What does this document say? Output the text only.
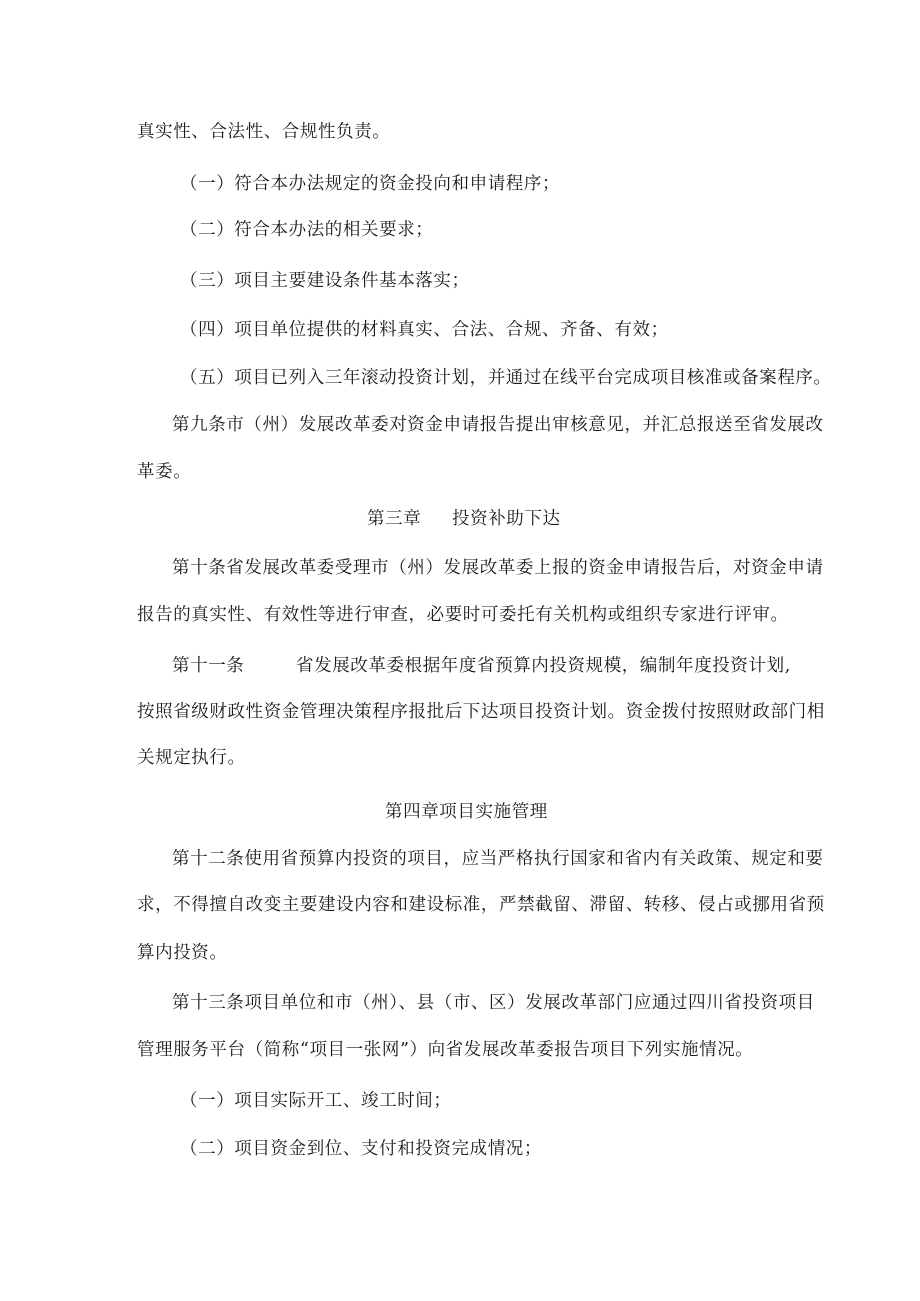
真实性、合法性、合规性负责。
（一）符合本办法规定的资金投向和申请程序；
（二）符合本办法的相关要求；
（三）项目主要建设条件基本落实；
（四）项目单位提供的材料真实、合法、合规、齐备、有效；
（五）项目已列入三年滚动投资计划，并通过在线平台完成项目核准或备案程序。
第九条市（州）发展改革委对资金申请报告提出审核意见，并汇总报送至省发展改
革委。
第三章 投资补助下达
第十条省发展改革委受理市（州）发展改革委上报的资金申请报告后，对资金申请
报告的真实性、有效性等进行审查，必要时可委托有关机构或组织专家进行评审。
第十一条	省发展改革委根据年度省预算内投资规模，编制年度投资计划,
按照省级财政性资金管理决策程序报批后下达项目投资计划。资金拨付按照财政部门相
关规定执行。
第四章项目实施管理
第十二条使用省预算内投资的项目，应当严格执行国家和省内有关政策、规定和要
求，不得擅自改变主要建设内容和建设标准，严禁截留、滞留、转移、侵占或挪用省预
算内投资。
第十三条项目单位和市（州）、县（市、区）发展改革部门应通过四川省投资项目
管理服务平台（简称“项目一张网”）向省发展改革委报告项目下列实施情况。
（一）项目实际开工、竣工时间；
（二）项目资金到位、支付和投资完成情况；
